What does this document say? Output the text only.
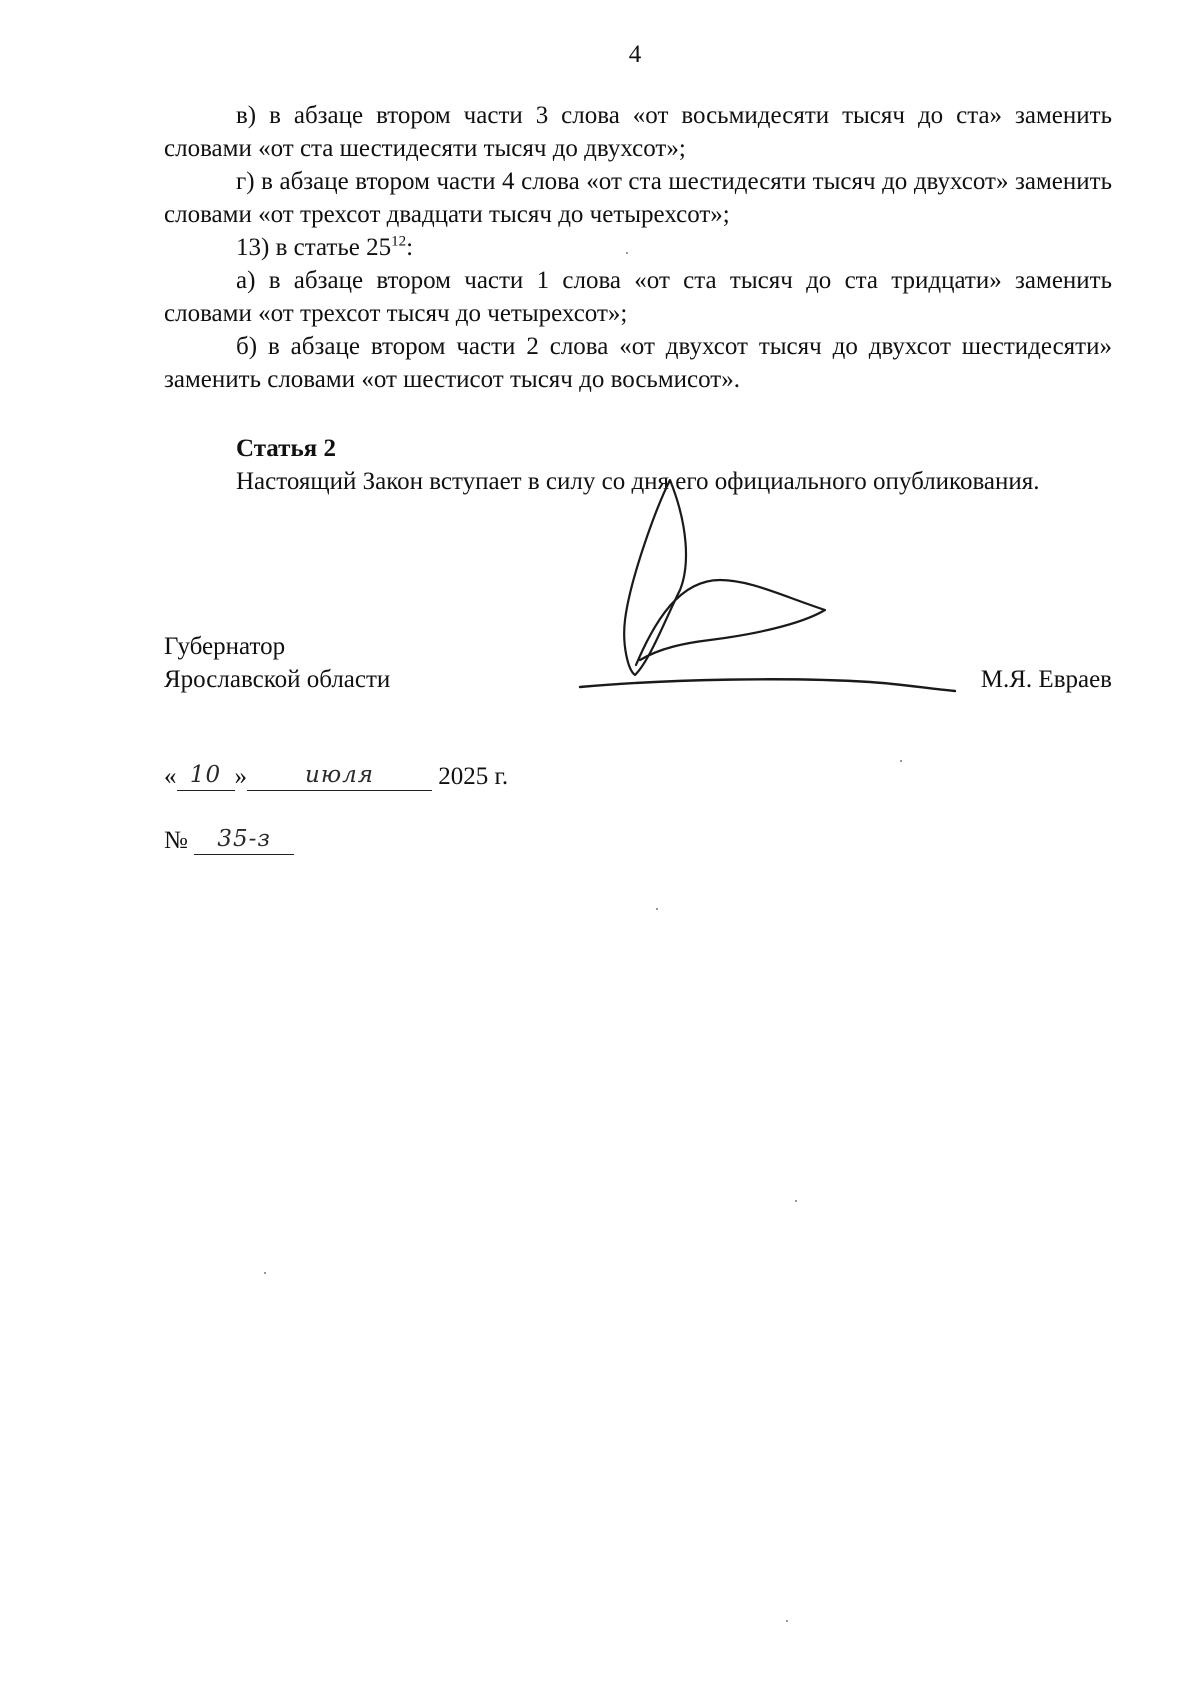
4

в) в абзаце втором части 3 слова «от восьмидесяти тысяч до ста» заменить словами «от ста шестидесяти тысяч до двухсот»;

г) в абзаце втором части 4 слова «от ста шестидесяти тысяч до двухсот» заменить словами «от трехсот двадцати тысяч до четырехсот»;

13) в статье $25^{12}$:

а) в абзаце втором части 1 слова «от ста тысяч до ста тридцати» заменить словами «от трехсот тысяч до четырехсот»;

б) в абзаце втором части 2 слова «от двухсот тысяч до двухсот шестидесяти» заменить словами «от шестисот тысяч до восьмисот».

Статья 2

Настоящий Закон вступает в силу со дня его официального опубликования.

Губернатор
Ярославской области	М.Я. Евраев
« 10 »	июля	2025 г.
№ 35-з
